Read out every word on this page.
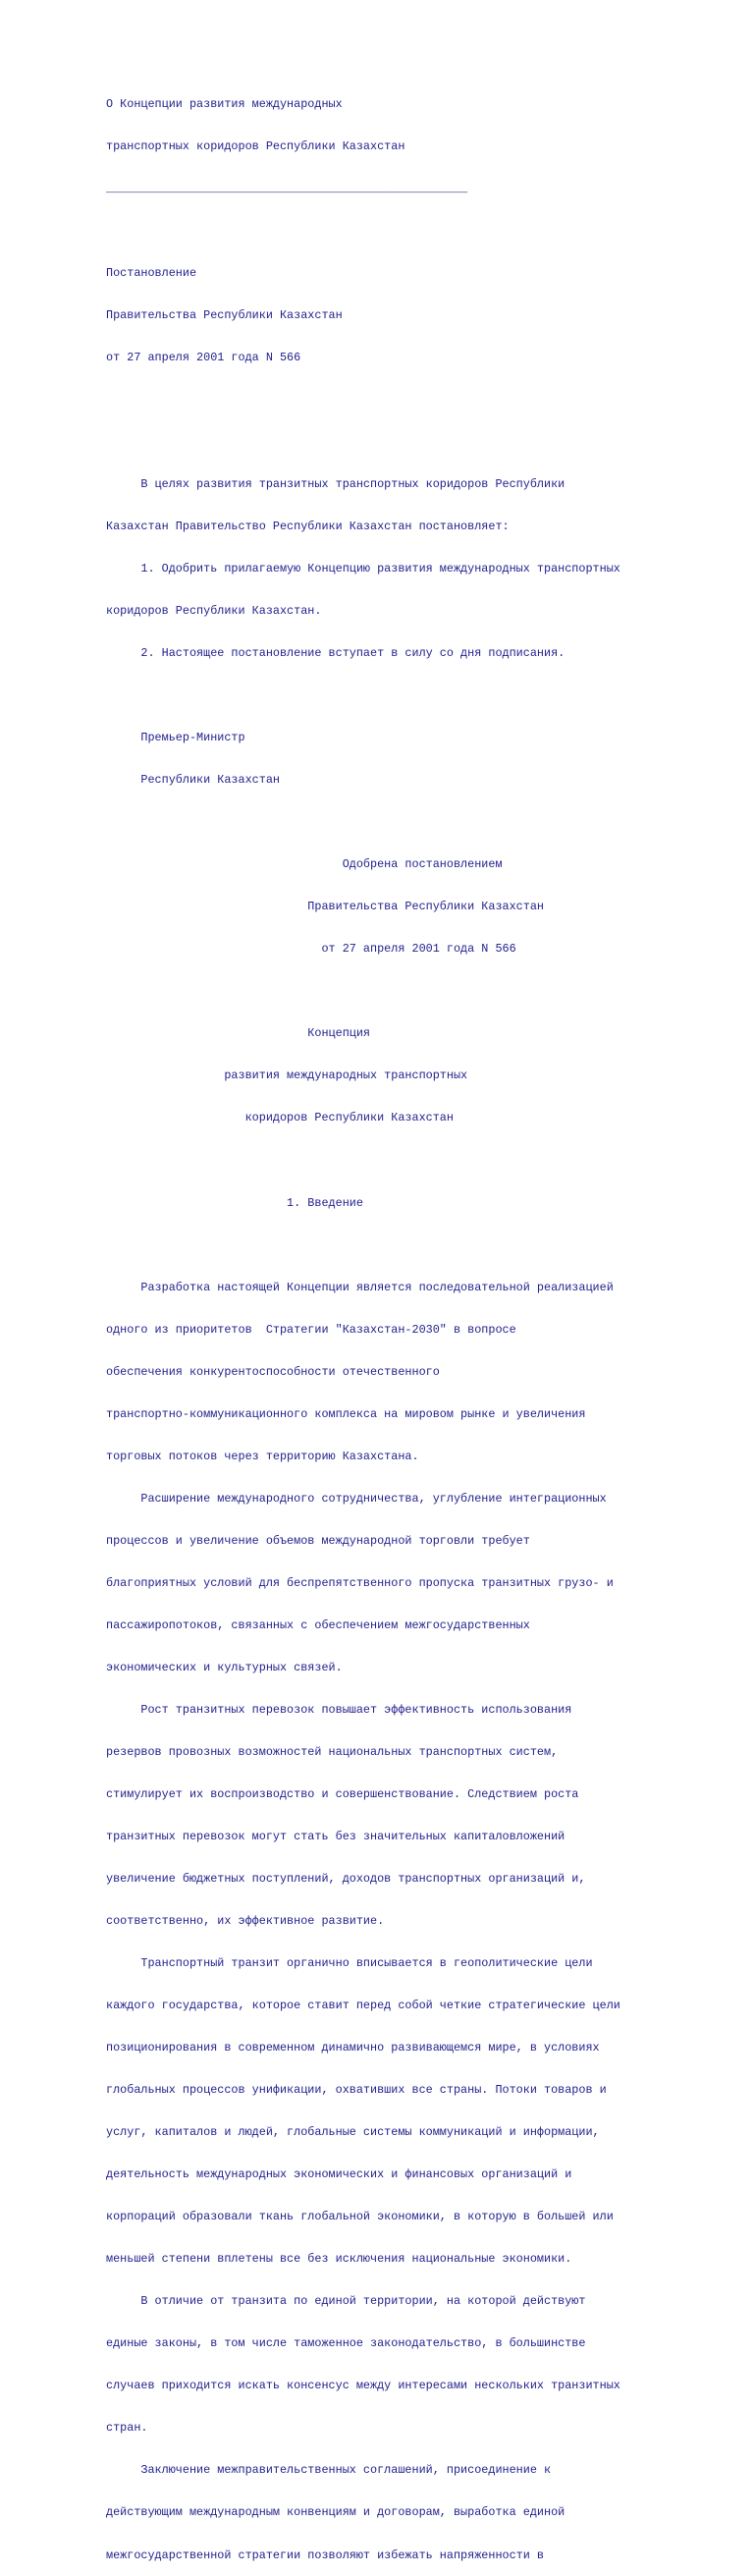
О Концепции развития международных

транспортных коридоров Республики Казахстан

____________________________________________________

Постановление

Правительства Республики Казахстан

от 27 апреля 2001 года N 566

В целях развития транзитных транспортных коридоров Республики

Казахстан Правительство Республики Казахстан постановляет:

1. Одобрить прилагаемую Концепцию развития международных транспортных

коридоров Республики Казахстан.

2. Настоящее постановление вступает в силу со дня подписания.

Премьер-Министр

Республики Казахстан

Одобрена постановлением

Правительства Республики Казахстан

от 27 апреля 2001 года N 566

Концепция

развития международных транспортных

коридоров Республики Казахстан

1. Введение

Разработка настоящей Концепции является последовательной реализацией

одного из приоритетов  Стратегии "Казахстан-2030" в вопросе

обеспечения конкурентоспособности отечественного

транспортно-коммуникационного комплекса на мировом рынке и увеличения

торговых потоков через территорию Казахстана.

Расширение международного сотрудничества, углубление интеграционных

процессов и увеличение объемов международной торговли требует

благоприятных условий для беспрепятственного пропуска транзитных грузо- и

пассажиропотоков, связанных с обеспечением межгосударственных

экономических и культурных связей.

Рост транзитных перевозок повышает эффективность использования

резервов провозных возможностей национальных транспортных систем,

стимулирует их воспроизводство и совершенствование. Следствием роста

транзитных перевозок могут стать без значительных капиталовложений

увеличение бюджетных поступлений, доходов транспортных организаций и,

соответственно, их эффективное развитие.

Транспортный транзит органично вписывается в геополитические цели

каждого государства, которое ставит перед собой четкие стратегические цели

позиционирования в современном динамично развивающемся мире, в условиях

глобальных процессов унификации, охвативших все страны. Потоки товаров и

услуг, капиталов и людей, глобальные системы коммуникаций и информации,

деятельность международных экономических и финансовых организаций и

корпораций образовали ткань глобальной экономики, в которую в большей или

меньшей степени вплетены все без исключения национальные экономики.

В отличие от транзита по единой территории, на которой действуют

единые законы, в том числе таможенное законодательство, в большинстве

случаев приходится искать консенсус между интересами нескольких транзитных

стран.

Заключение межправительственных соглашений, присоединение к

действующим международным конвенциям и договорам, выработка единой

межгосударственной стратегии позволяют избежать напряженности в
